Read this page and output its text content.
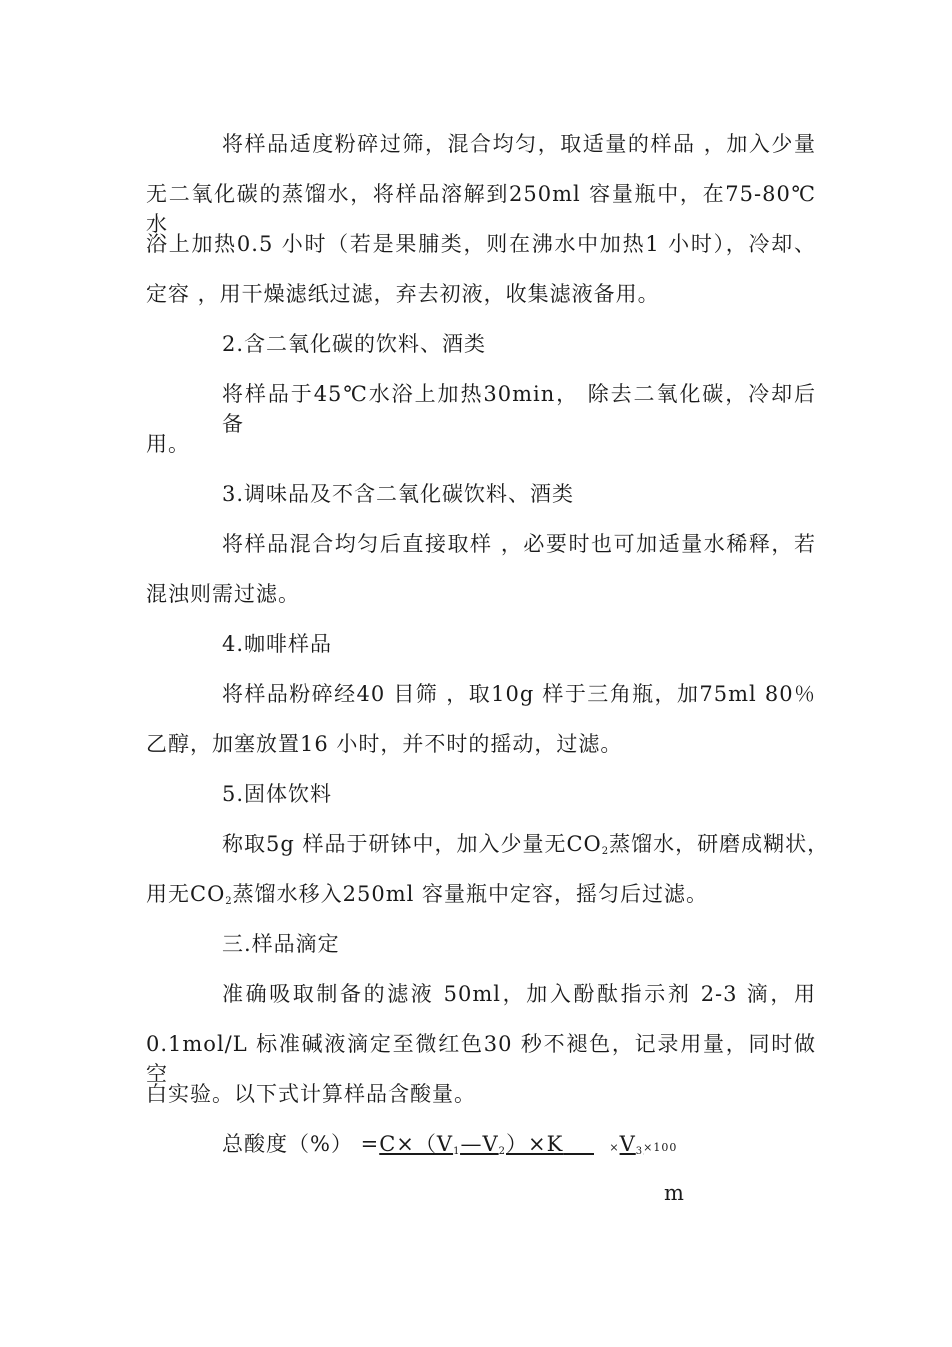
将样品适度粉碎过筛，混合均匀，取适量的样品 ，加入少量
无二氧化碳的蒸馏水，将样品溶解到250ml 容量瓶中，在75-80℃水
浴上加热0.5 小时（若是果脯类，则在沸水中加热1 小时），冷却、
定容 ，用干燥滤纸过滤，弃去初液，收集滤液备用。
2.含二氧化碳的饮料、酒类
将样品于45℃水浴上加热30min， 除去二氧化碳，冷却后备
用。
3.调味品及不含二氧化碳饮料、酒类
将样品混合均匀后直接取样 ，必要时也可加适量水稀释，若
混浊则需过滤。
4.咖啡样品
将样品粉碎经40 目筛 ，取10g 样于三角瓶，加75ml 80％
乙醇，加塞放置16 小时，并不时的摇动，过滤。
5.固体饮料
称取5g 样品于研钵中，加入少量无$CO_2$蒸馏水，研磨成糊状，
用无$CO_2$蒸馏水移入250ml 容量瓶中定容，摇匀后过滤。
三.样品滴定
准确吸取制备的滤液 50ml，加入酚酞指示剂 2-3 滴，用
0.1mol/L 标准碱液滴定至微红色30 秒不褪色，记录用量，同时做空
白实验。以下式计算样品含酸量。
总酸度（%） $=C\times(V_1—V_2)\times K$	$\times V_3\times 100$
m
